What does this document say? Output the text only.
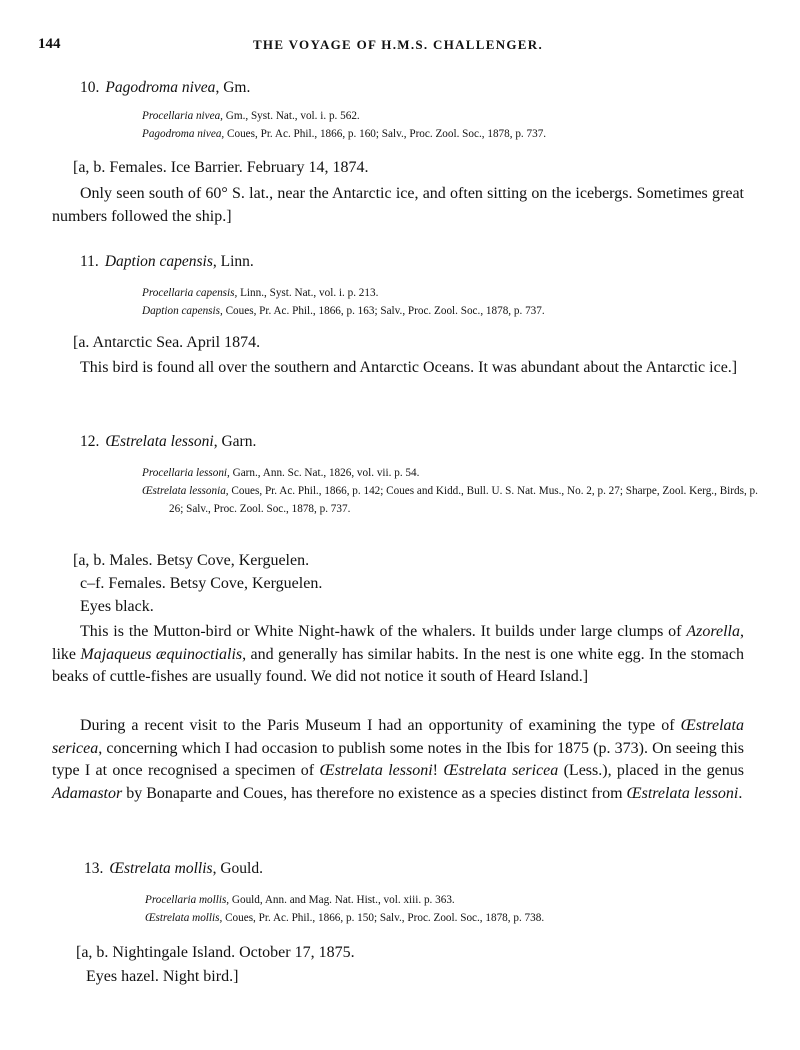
144	THE VOYAGE OF H.M.S. CHALLENGER.
10. Pagodroma nivea, Gm.
Procellaria nivea, Gm., Syst. Nat., vol. i. p. 562.
Pagodroma nivea, Coues, Pr. Ac. Phil., 1866, p. 160; Salv., Proc. Zool. Soc., 1878, p. 737.
[a, b. Females. Ice Barrier. February 14, 1874.
Only seen south of 60° S. lat., near the Antarctic ice, and often sitting on the icebergs. Sometimes great numbers followed the ship.]
11. Daption capensis, Linn.
Procellaria capensis, Linn., Syst. Nat., vol. i. p. 213.
Daption capensis, Coues, Pr. Ac. Phil., 1866, p. 163; Salv., Proc. Zool. Soc., 1878, p. 737.
[a. Antarctic Sea. April 1874.
This bird is found all over the southern and Antarctic Oceans. It was abundant about the Antarctic ice.]
12. Œstrelata lessoni, Garn.
Procellaria lessoni, Garn., Ann. Sc. Nat., 1826, vol. vii. p. 54.
Œstrelata lessonia, Coues, Pr. Ac. Phil., 1866, p. 142; Coues and Kidd., Bull. U. S. Nat. Mus., No. 2, p. 27; Sharpe, Zool. Kerg., Birds, p. 26; Salv., Proc. Zool. Soc., 1878, p. 737.
[a, b. Males. Betsy Cove, Kerguelen.
c–f. Females. Betsy Cove, Kerguelen.
Eyes black.
This is the Mutton-bird or White Night-hawk of the whalers. It builds under large clumps of Azorella, like Majaqueus æquinoctialis, and generally has similar habits. In the nest is one white egg. In the stomach beaks of cuttle-fishes are usually found. We did not notice it south of Heard Island.]
During a recent visit to the Paris Museum I had an opportunity of examining the type of Œstrelata sericea, concerning which I had occasion to publish some notes in the Ibis for 1875 (p. 373). On seeing this type I at once recognised a specimen of Œstrelata lessoni! Œstrelata sericea (Less.), placed in the genus Adamastor by Bonaparte and Coues, has therefore no existence as a species distinct from Œstrelata lessoni.
13. Œstrelata mollis, Gould.
Procellaria mollis, Gould, Ann. and Mag. Nat. Hist., vol. xiii. p. 363.
Œstrelata mollis, Coues, Pr. Ac. Phil., 1866, p. 150; Salv., Proc. Zool. Soc., 1878, p. 738.
[a, b. Nightingale Island. October 17, 1875.
Eyes hazel. Night bird.]
